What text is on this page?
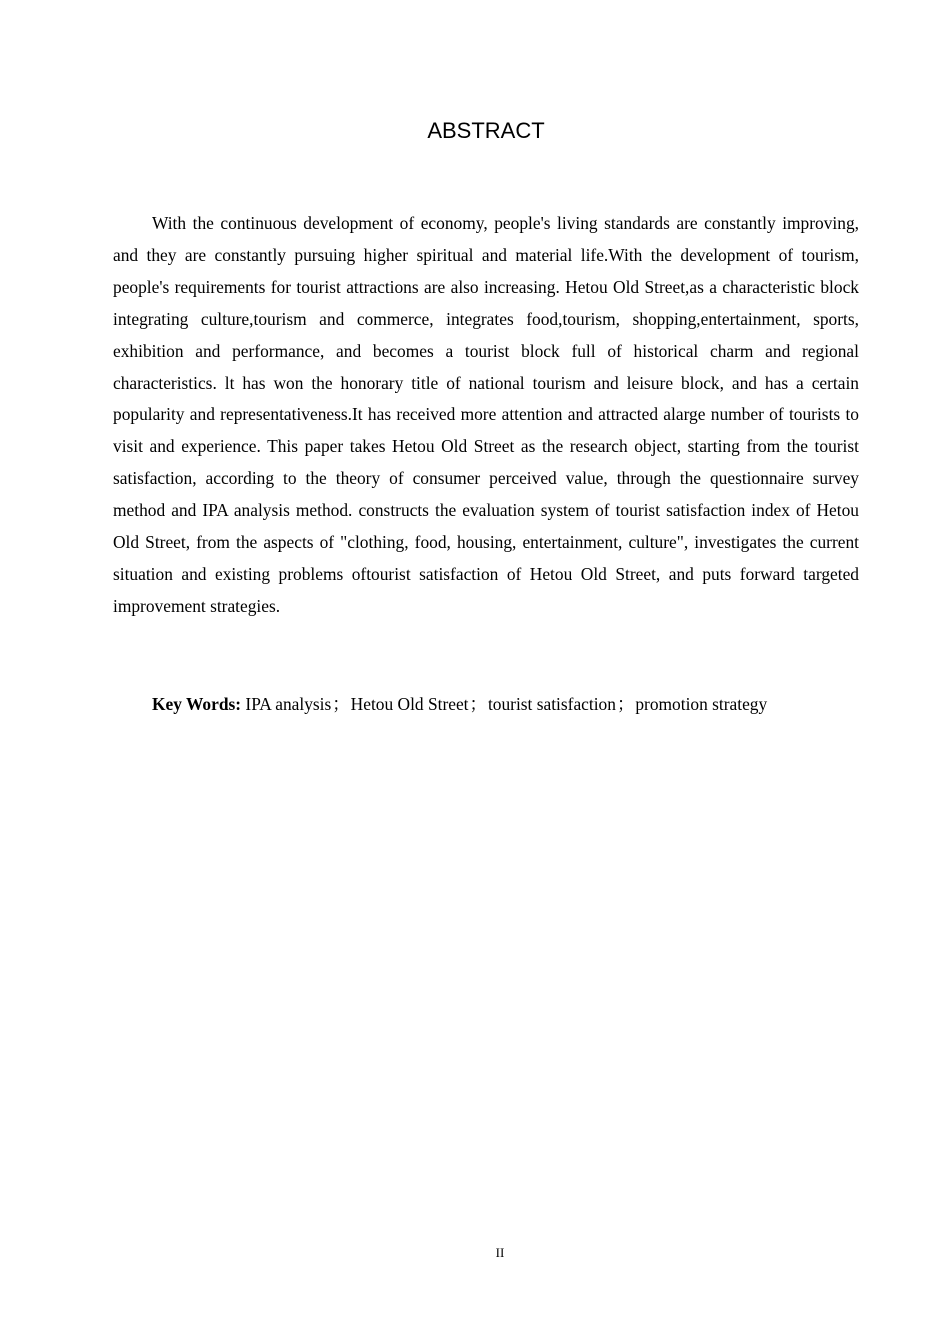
ABSTRACT

With the continuous development of economy, people's living standards are constantly improving, and they are constantly pursuing higher spiritual and material life.With the development of tourism, people's requirements for tourist attractions are also increasing. Hetou Old Street,as a characteristic block integrating culture,tourism and commerce, integrates food,tourism, shopping,entertainment, sports, exhibition and performance, and becomes a tourist block full of historical charm and regional characteristics. lt has won the honorary title of national tourism and leisure block, and has a certain popularity and representativeness.It has received more attention and attracted alarge number of tourists to visit and experience. This paper takes Hetou Old Street as the research object, starting from the tourist satisfaction, according to the theory of consumer perceived value, through the questionnaire survey method and IPA analysis method. constructs the evaluation system of tourist satisfaction index of Hetou Old Street, from the aspects of "clothing, food, housing, entertainment, culture", investigates the current situation and existing problems oftourist satisfaction of Hetou Old Street, and puts forward targeted improvement strategies.

Key Words: IPA analysis；Hetou Old Street；tourist satisfaction；promotion strategy

II
